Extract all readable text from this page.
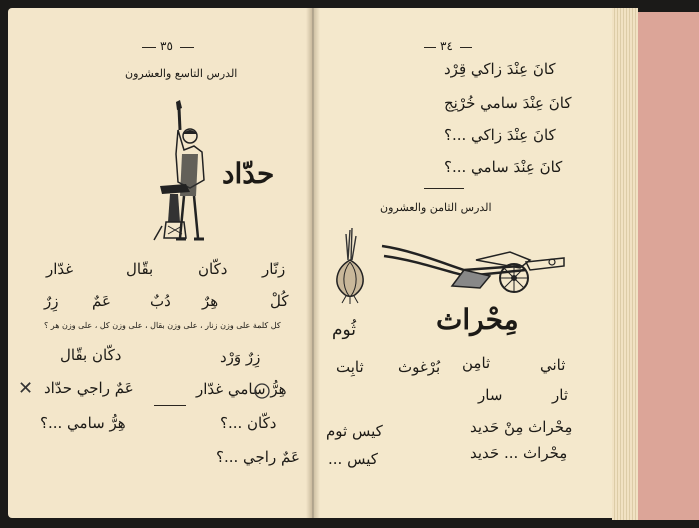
٣٥
الدرس التاسع والعشرون
حدّاد
زنّار
دكّان
بقّال
غدّار
كُلْ
هِرٌ
دُبٌ
عَمٌ
زِرٌ
كل كلمة على وزن زنار ، على وزن بقال ، على وزن كل ، على وزن هر ؟
زِرٌ وَرْد
دكّان بقّال
هِرُّ سامي غدّار
عَمٌ راجي حدّاد
✕
دكّان ...؟
هِرُّ سامي ...؟
عَمٌ راجي ...؟
٣٤
كانَ عِنْدَ زاكي قِرْد
كانَ عِنْدَ سامي خُرْنِج
كانَ عِنْدَ زاكي ...؟
كانَ عِنْدَ سامي ...؟
الدرس الثامن والعشرون
مِحْراث
ثُوم
ثاني
ثامِن
بُرْغوث
ثابِت
ثار
سار
مِحْراث مِنْ حَديد
كيس ثوم
مِحْراث ... حَديد
كيس ...
